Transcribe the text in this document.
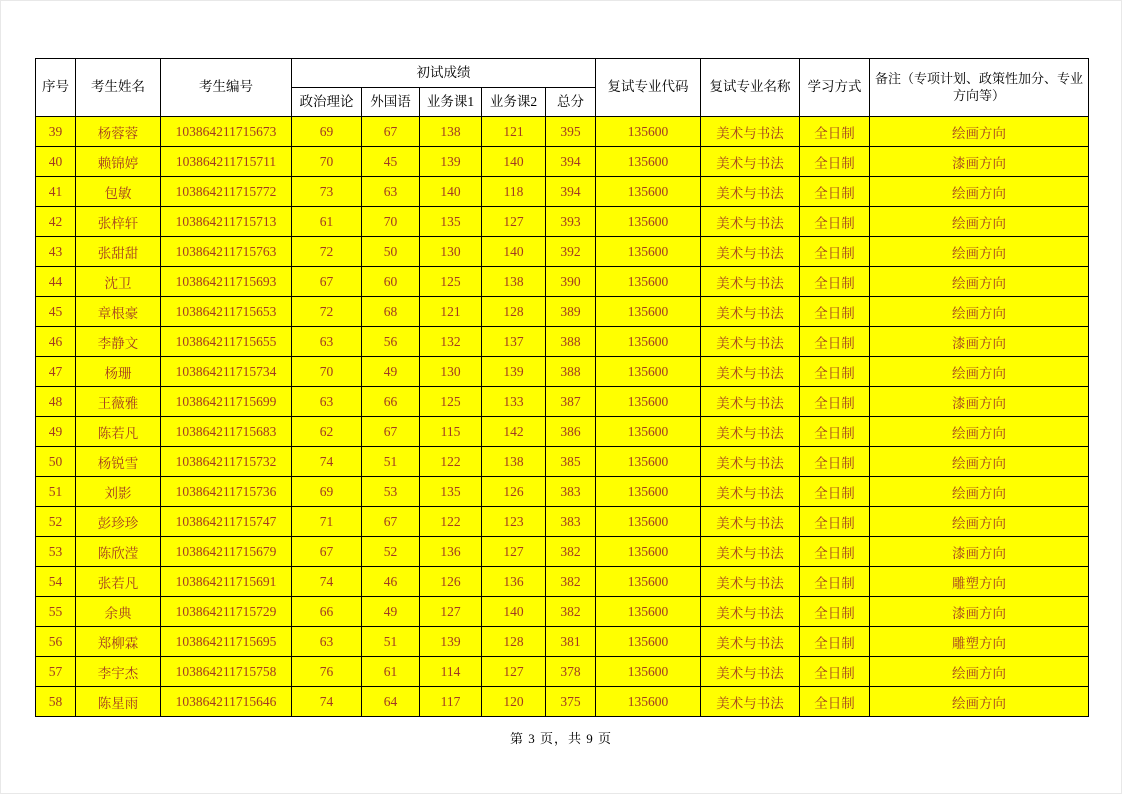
序号	考生姓名	考生编号	初试成绩					复试专业代码	复试专业名称	学习方式	备注（专项计划、政策性加分、专业方向等）
			政治理论	外国语	业务课1	业务课2	总分				
39	杨蓉蓉	103864211715673	69	67	138	121	395	135600	美术与书法	全日制	绘画方向
40	赖锦婷	103864211715711	70	45	139	140	394	135600	美术与书法	全日制	漆画方向
41	包敏	103864211715772	73	63	140	118	394	135600	美术与书法	全日制	绘画方向
42	张梓轩	103864211715713	61	70	135	127	393	135600	美术与书法	全日制	绘画方向
43	张甜甜	103864211715763	72	50	130	140	392	135600	美术与书法	全日制	绘画方向
44	沈卫	103864211715693	67	60	125	138	390	135600	美术与书法	全日制	绘画方向
45	章根豪	103864211715653	72	68	121	128	389	135600	美术与书法	全日制	绘画方向
46	李静文	103864211715655	63	56	132	137	388	135600	美术与书法	全日制	漆画方向
47	杨珊	103864211715734	70	49	130	139	388	135600	美术与书法	全日制	绘画方向
48	王薇雅	103864211715699	63	66	125	133	387	135600	美术与书法	全日制	漆画方向
49	陈若凡	103864211715683	62	67	115	142	386	135600	美术与书法	全日制	绘画方向
50	杨锐雪	103864211715732	74	51	122	138	385	135600	美术与书法	全日制	绘画方向
51	刘影	103864211715736	69	53	135	126	383	135600	美术与书法	全日制	绘画方向
52	彭珍珍	103864211715747	71	67	122	123	383	135600	美术与书法	全日制	绘画方向
53	陈欣滢	103864211715679	67	52	136	127	382	135600	美术与书法	全日制	漆画方向
54	张若凡	103864211715691	74	46	126	136	382	135600	美术与书法	全日制	雕塑方向
55	余典	103864211715729	66	49	127	140	382	135600	美术与书法	全日制	漆画方向
56	郑柳霖	103864211715695	63	51	139	128	381	135600	美术与书法	全日制	雕塑方向
57	李宇杰	103864211715758	76	61	114	127	378	135600	美术与书法	全日制	绘画方向
58	陈星雨	103864211715646	74	64	117	120	375	135600	美术与书法	全日制	绘画方向
第 3 页，共 9 页
